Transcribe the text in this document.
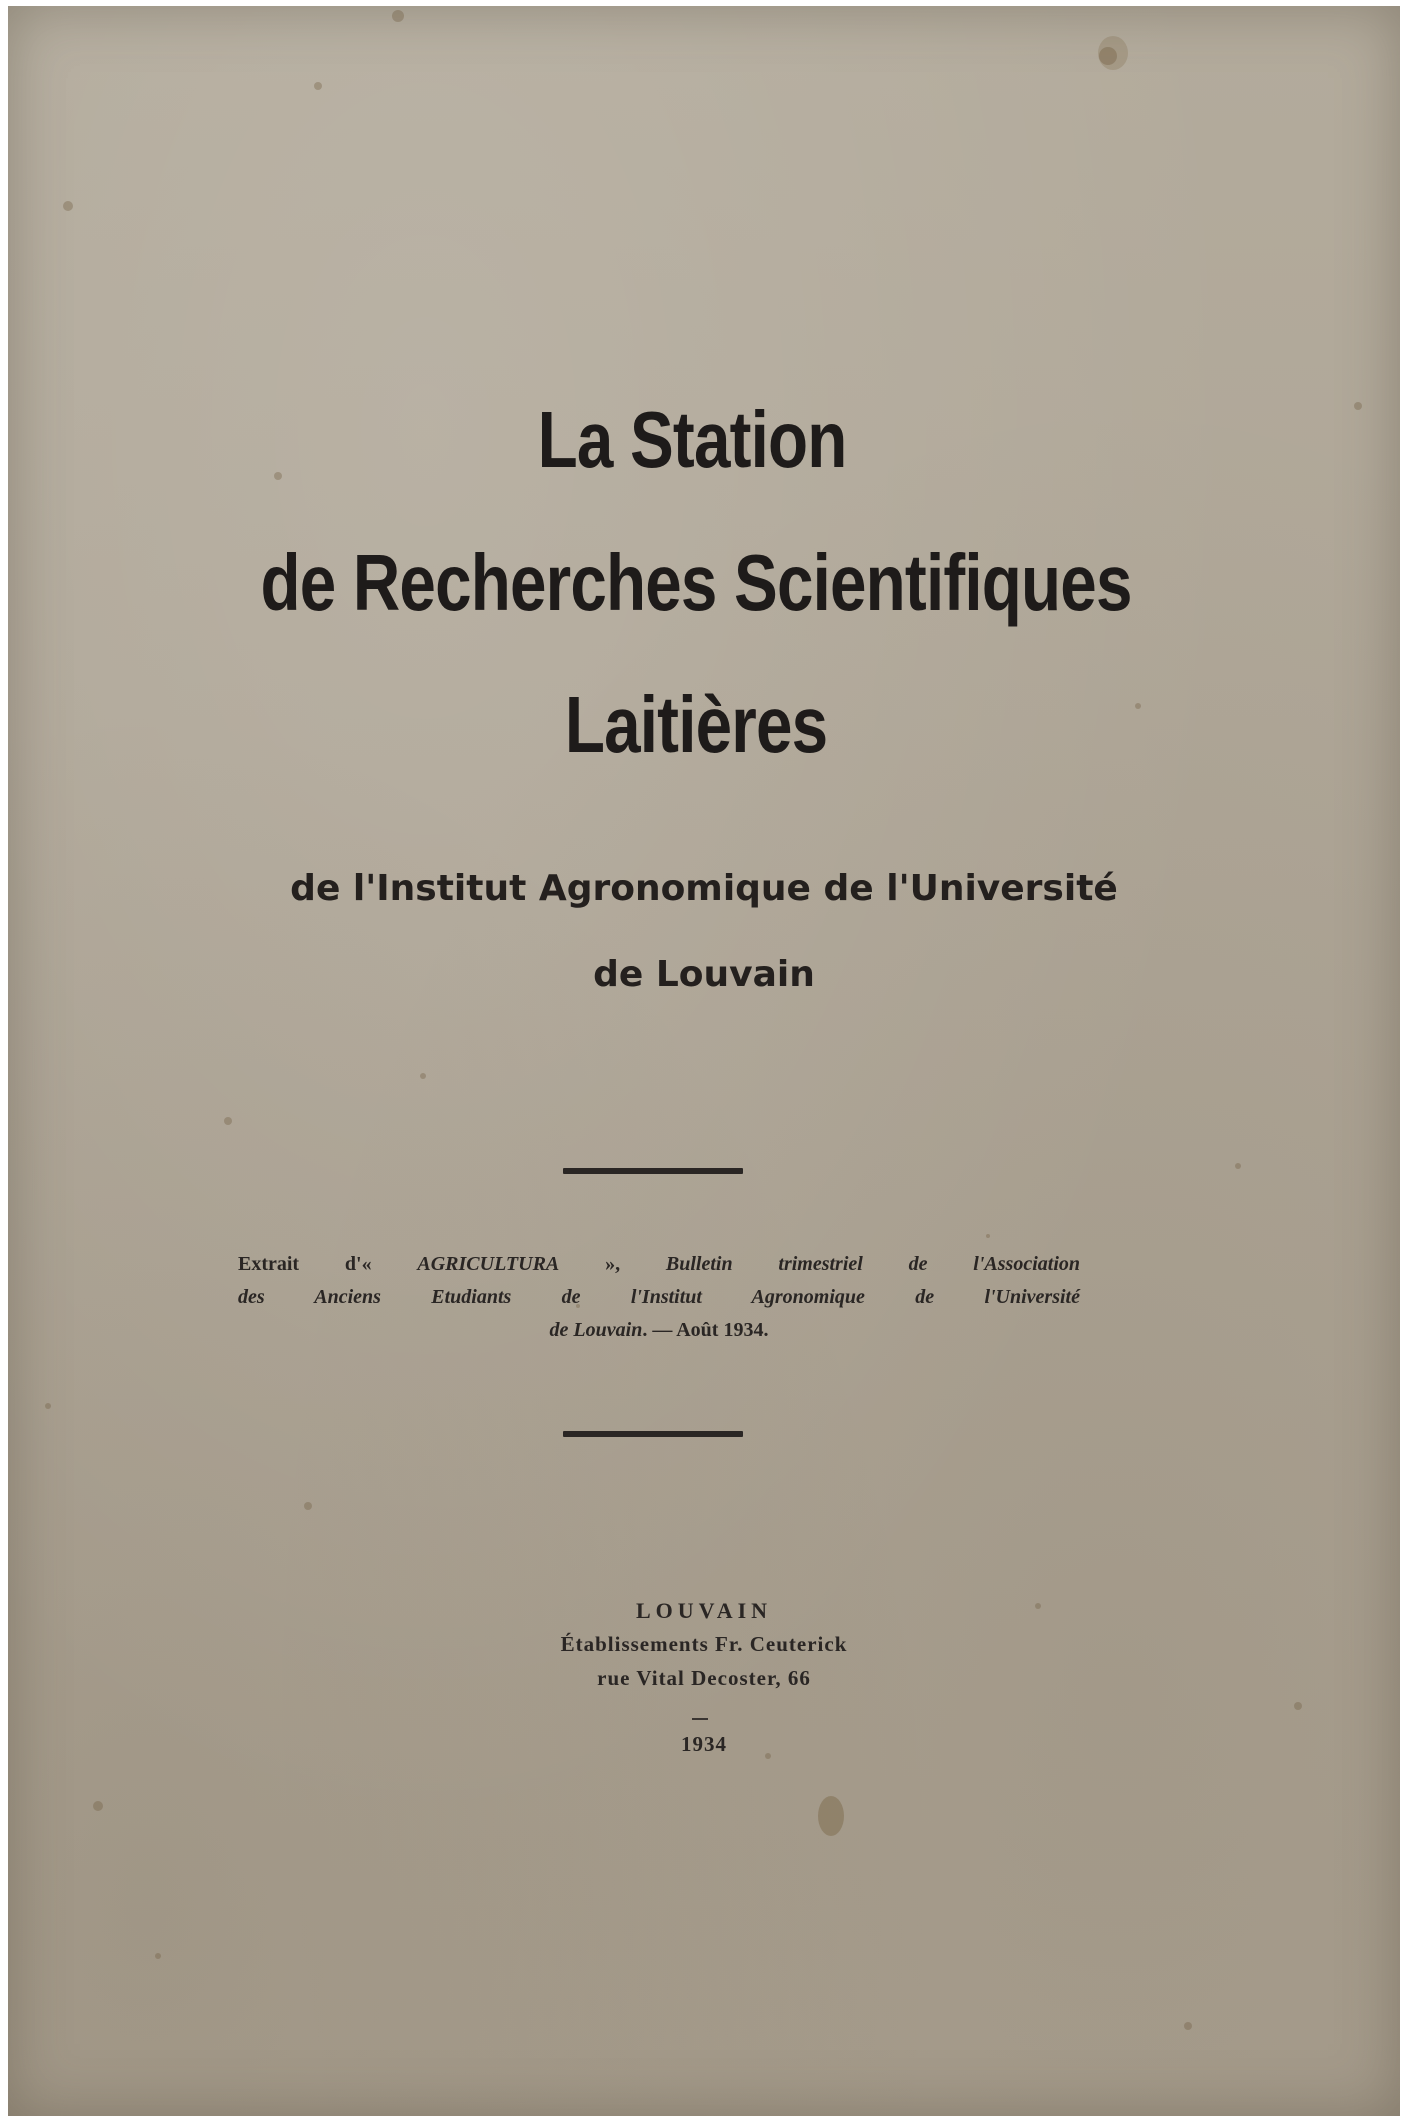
La Station
de Recherches Scientifiques
Laitières
de l'Institut Agronomique de l'Université
de Louvain
Extrait d'« AGRICULTURA », Bulletin trimestriel de l'Association
des Anciens Etudiants de l'Institut Agronomique de l'Université
de Louvain. — Août 1934.
LOUVAIN
Établissements Fr. Ceuterick
rue Vital Decoster, 66
1934
